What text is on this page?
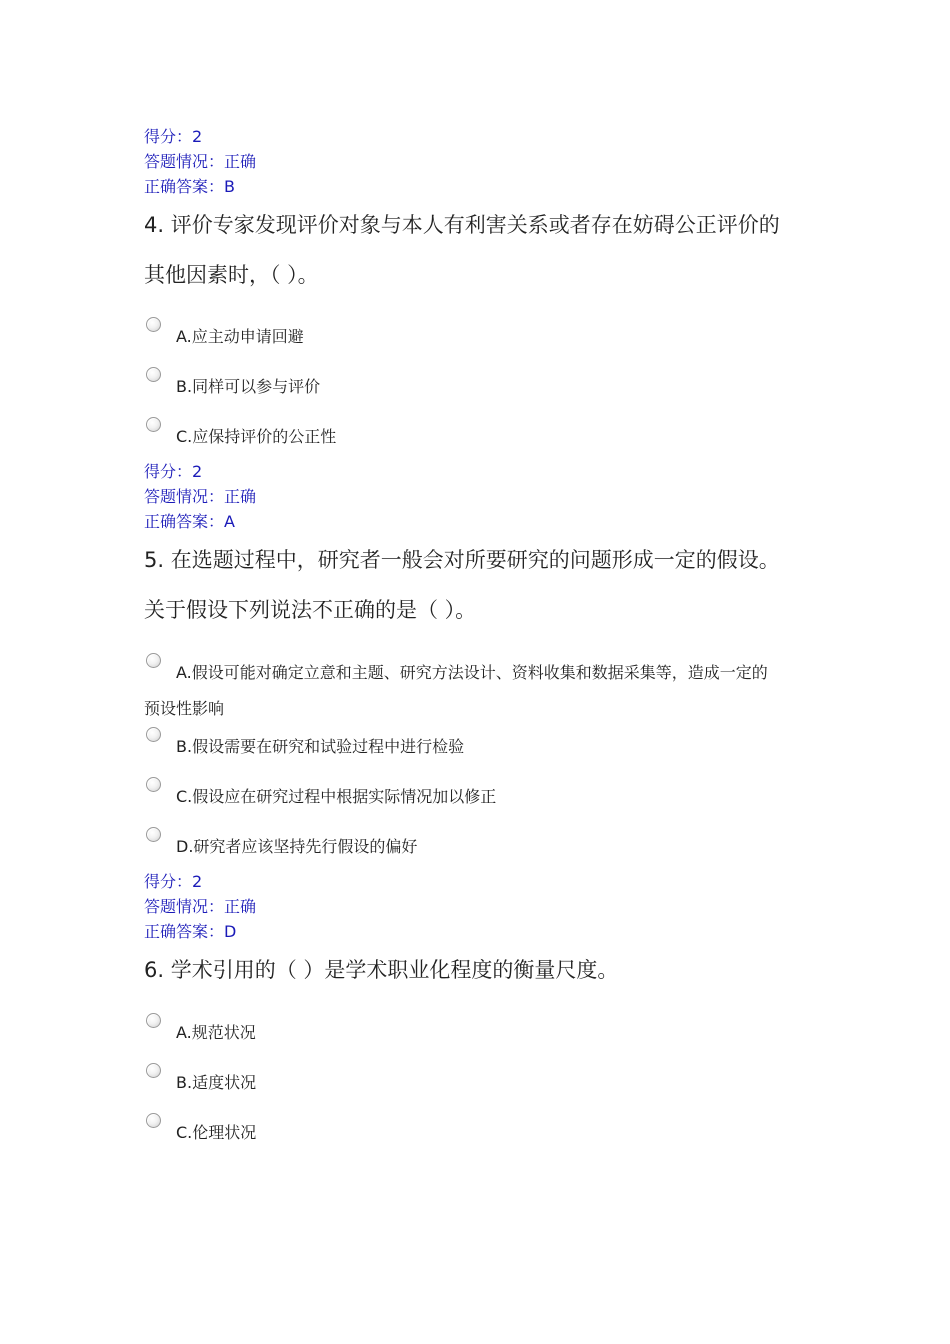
得分：2
答题情况：正确
正确答案：B
4. 评价专家发现评价对象与本人有利害关系或者存在妨碍公正评价的
其他因素时，（ ）。
A.应主动申请回避
B.同样可以参与评价
C.应保持评价的公正性
得分：2
答题情况：正确
正确答案：A
5. 在选题过程中，研究者一般会对所要研究的问题形成一定的假设。
关于假设下列说法不正确的是（ ）。
A.假设可能对确定立意和主题、研究方法设计、资料收集和数据采集等，造成一定的
预设性影响
B.假设需要在研究和试验过程中进行检验
C.假设应在研究过程中根据实际情况加以修正
D.研究者应该坚持先行假设的偏好
得分：2
答题情况：正确
正确答案：D
6. 学术引用的（ ）是学术职业化程度的衡量尺度。
A.规范状况
B.适度状况
C.伦理状况
